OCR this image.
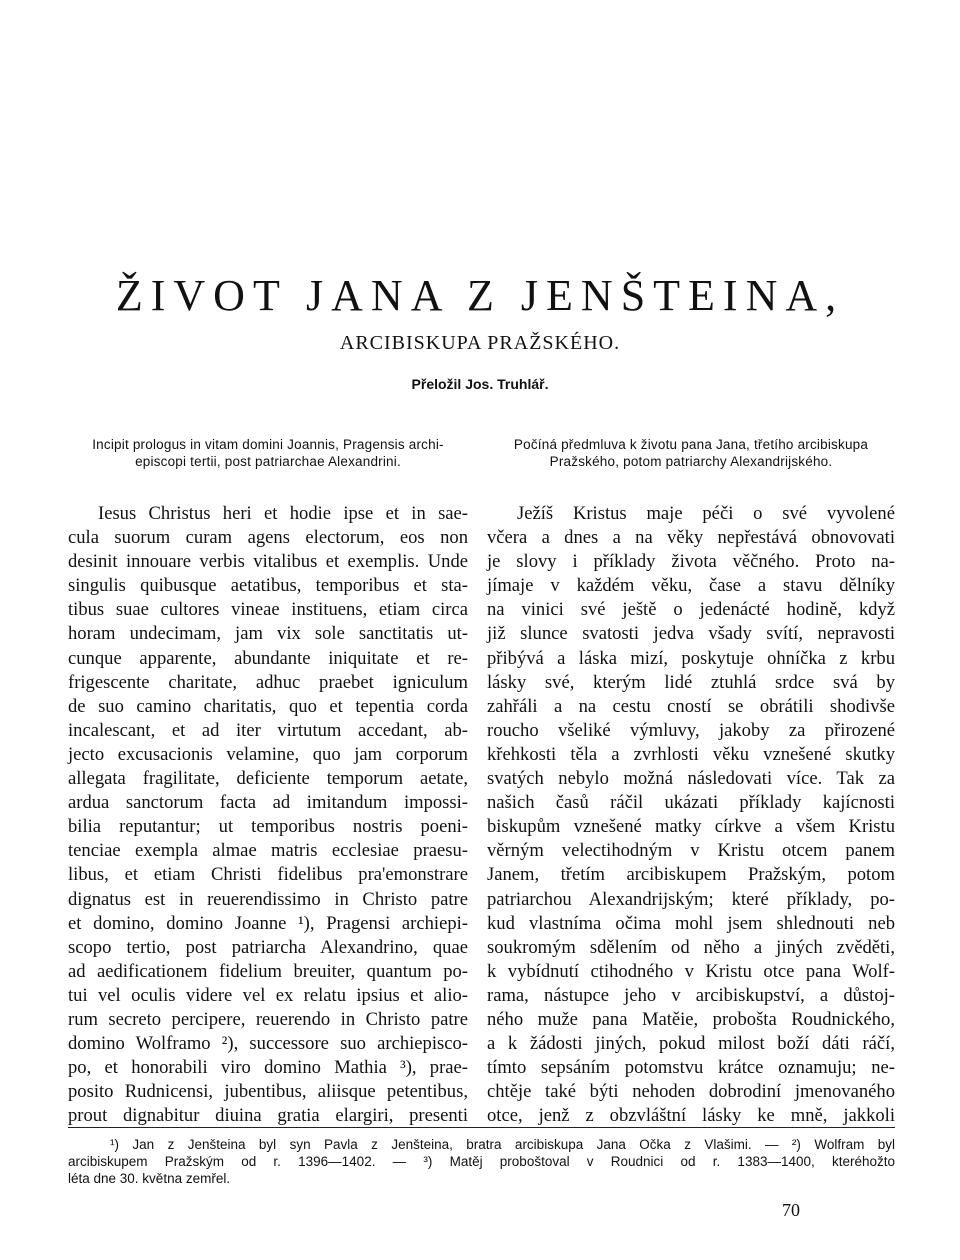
ŽIVOT JANA Z JENŠTEINA,
ARCIBISKUPA PRAŽSKÉHO.
Přeložil Jos. Truhlář.
Incipit prologus in vitam domini Joannis, Pragensis archi-
episcopi tertii, post patriarchae Alexandrini.
Iesus Christus heri et hodie ipse et in sae-
cula suorum curam agens electorum, eos non
desinit innouare verbis vitalibus et exemplis. Unde
singulis quibusque aetatibus, temporibus et sta-
tibus suae cultores vineae instituens, etiam circa
horam undecimam, jam vix sole sanctitatis ut-
cunque apparente, abundante iniquitate et re-
frigescente charitate, adhuc praebet igniculum
de suo camino charitatis, quo et tepentia corda
incalescant, et ad iter virtutum accedant, ab-
jecto excusacionis velamine, quo jam corporum
allegata fragilitate, deficiente temporum aetate,
ardua sanctorum facta ad imitandum impossi-
bilia reputantur; ut temporibus nostris poeni-
tenciae exempla almae matris ecclesiae praesu-
libus, et etiam Christi fidelibus pra'emonstrare
dignatus est in reuerendissimo in Christo patre
et domino, domino Joanne ¹), Pragensi archiepi-
scopo tertio, post patriarcha Alexandrino, quae
ad aedificationem fidelium breuiter, quantum po-
tui vel oculis videre vel ex relatu ipsius et alio-
rum secreto percipere, reuerendo in Christo patre
domino Wolframo ²), successore suo archiepisco-
po, et honorabili viro domino Mathia ³), prae-
posito Rudnicensi, jubentibus, aliisque petentibus,
prout dignabitur diuina gratia elargiri, presenti
Počíná předmluva k životu pana Jana, třetího arcibiskupa
Pražského, potom patriarchy Alexandrijského.
Ježíš Kristus maje péči o své vyvolené
včera a dnes a na věky nepřestává obnovovati
je slovy i příklady života věčného. Proto na-
jímaje v každém věku, čase a stavu dělníky
na vinici své ještě o jedenácté hodině, když
již slunce svatosti jedva všady svítí, nepravosti
přibývá a láska mizí, poskytuje ohníčka z krbu
lásky své, kterým lidé ztuhlá srdce svá by
zahřáli a na cestu cností se obrátili shodivše
roucho všeliké výmluvy, jakoby za přirozené
křehkosti těla a zvrhlosti věku vznešené skutky
svatých nebylo možná následovati více. Tak za
našich časů ráčil ukázati příklady kajícnosti
biskupům vznešené matky církve a všem Kristu
věrným velectihodným v Kristu otcem panem
Janem, třetím arcibiskupem Pražským, potom
patriarchou Alexandrijským; které příklady, po-
kud vlastníma očima mohl jsem shlednouti neb
soukromým sdělením od něho a jiných zvěděti,
k vybídnutí ctihodného v Kristu otce pana Wolf-
rama, nástupce jeho v arcibiskupství, a důstoj-
ného muže pana Matěie, probošta Roudnického,
a k žádosti jiných, pokud milost boží dáti ráčí,
tímto sepsáním potomstvu krátce oznamuju; ne-
chtěje také býti nehoden dobrodiní jmenovaného
otce, jenž z obzvláštní lásky ke mně, jakkoli
¹) Jan z Jenšteina byl syn Pavla z Jenšteina, bratra arcibiskupa Jana Očka z Vlašimi. — ²) Wolfram byl
arcibiskupem Pražským od r. 1396—1402. — ³) Matěj proboštoval v Roudnici od r. 1383—1400, kteréhožto
léta dne 30. května zemřel.
70
